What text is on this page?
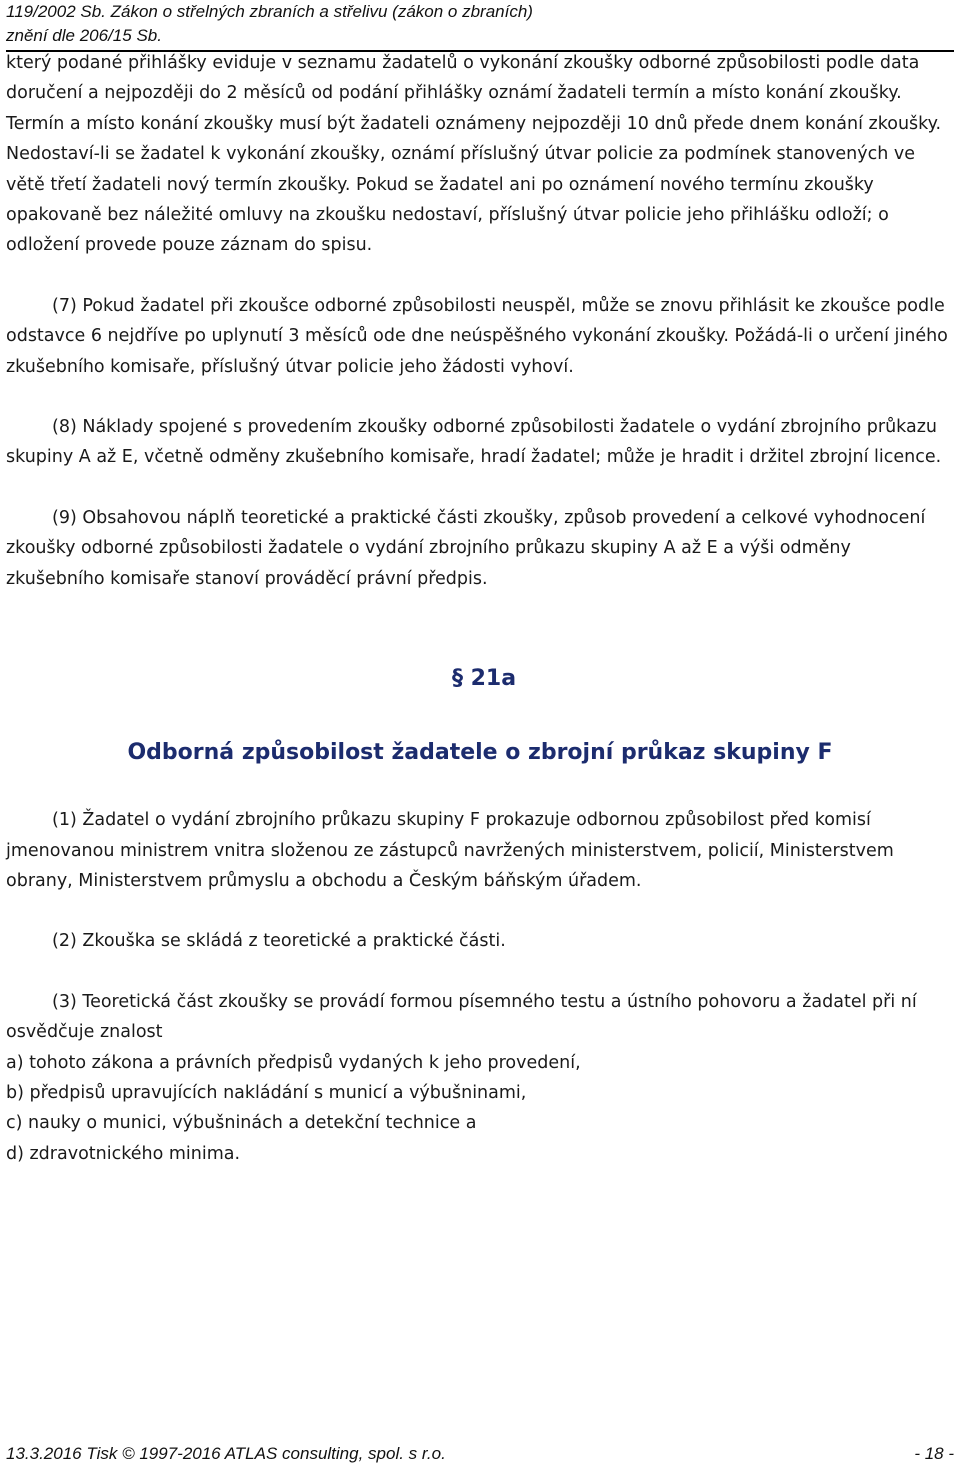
119/2002 Sb. Zákon o střelných zbraních a střelivu (zákon o zbraních)
znění dle 206/15 Sb.

který podané přihlášky eviduje v seznamu žadatelů o vykonání zkoušky odborné způsobilosti podle data doručení a nejpozději do 2 měsíců od podání přihlášky oznámí žadateli termín a místo konání zkoušky. Termín a místo konání zkoušky musí být žadateli oznámeny nejpozději 10 dnů přede dnem konání zkoušky. Nedostaví-li se žadatel k vykonání zkoušky, oznámí příslušný útvar policie za podmínek stanovených ve větě třetí žadateli nový termín zkoušky. Pokud se žadatel ani po oznámení nového termínu zkoušky opakovaně bez náležité omluvy na zkoušku nedostaví, příslušný útvar policie jeho přihlášku odloží; o odložení provede pouze záznam do spisu.

(7) Pokud žadatel při zkoušce odborné způsobilosti neuspěl, může se znovu přihlásit ke zkoušce podle odstavce 6 nejdříve po uplynutí 3 měsíců ode dne neúspěšného vykonání zkoušky. Požádá-li o určení jiného zkušebního komisaře, příslušný útvar policie jeho žádosti vyhoví.

(8) Náklady spojené s provedením zkoušky odborné způsobilosti žadatele o vydání zbrojního průkazu skupiny A až E, včetně odměny zkušebního komisaře, hradí žadatel; může je hradit i držitel zbrojní licence.

(9) Obsahovou náplň teoretické a praktické části zkoušky, způsob provedení a celkové vyhodnocení zkoušky odborné způsobilosti žadatele o vydání zbrojního průkazu skupiny A až E a výši odměny zkušebního komisaře stanoví prováděcí právní předpis.

§ 21a
Odborná způsobilost žadatele o zbrojní průkaz skupiny F

(1) Žadatel o vydání zbrojního průkazu skupiny F prokazuje odbornou způsobilost před komisí jmenovanou ministrem vnitra složenou ze zástupců navržených ministerstvem, policií, Ministerstvem obrany, Ministerstvem průmyslu a obchodu a Českým báňským úřadem.

(2) Zkouška se skládá z teoretické a praktické části.

(3) Teoretická část zkoušky se provádí formou písemného testu a ústního pohovoru a žadatel při ní osvědčuje znalost

a) tohoto zákona a právních předpisů vydaných k jeho provedení,

b) předpisů upravujících nakládání s municí a výbušninami,

c) nauky o munici, výbušninách a detekční technice a

d) zdravotnického minima.

13.3.2016 Tisk © 1997-2016 ATLAS consulting, spol. s r.o.	- 18 -
